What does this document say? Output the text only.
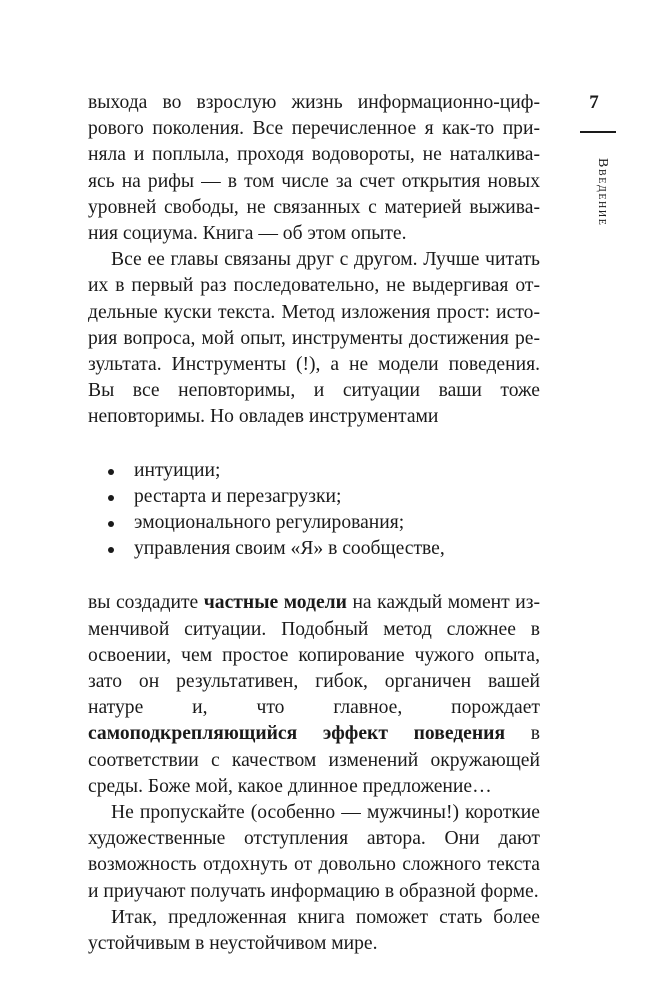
7
Введение

выхода во взрослую жизнь информационно-цифрового поколения. Все перечисленное я как-то приняла и поплыла, проходя водовороты, не наталкиваясь на рифы — в том числе за счет открытия новых уровней свободы, не связанных с материей выживания социума. Книга — об этом опыте.

Все ее главы связаны друг с другом. Лучше читать их в первый раз последовательно, не выдергивая отдельные куски текста. Метод изложения прост: история вопроса, мой опыт, инструменты достижения результата. Инструменты (!), а не модели поведения. Вы все неповторимы, и ситуации ваши тоже неповторимы. Но овладев инструментами

интуиции;
рестарта и перезагрузки;
эмоционального регулирования;
управления своим «Я» в сообществе,

вы создадите частные модели на каждый момент изменчивой ситуации. Подобный метод сложнее в освоении, чем простое копирование чужого опыта, зато он результативен, гибок, органичен вашей натуре и, что главное, порождает самоподкрепляющийся эффект поведения в соответствии с качеством изменений окружающей среды. Боже мой, какое длинное предложение…

Не пропускайте (особенно — мужчины!) короткие художественные отступления автора. Они дают возможность отдохнуть от довольно сложного текста и приучают получать информацию в образной форме.

Итак, предложенная книга поможет стать более устойчивым в неустойчивом мире.
